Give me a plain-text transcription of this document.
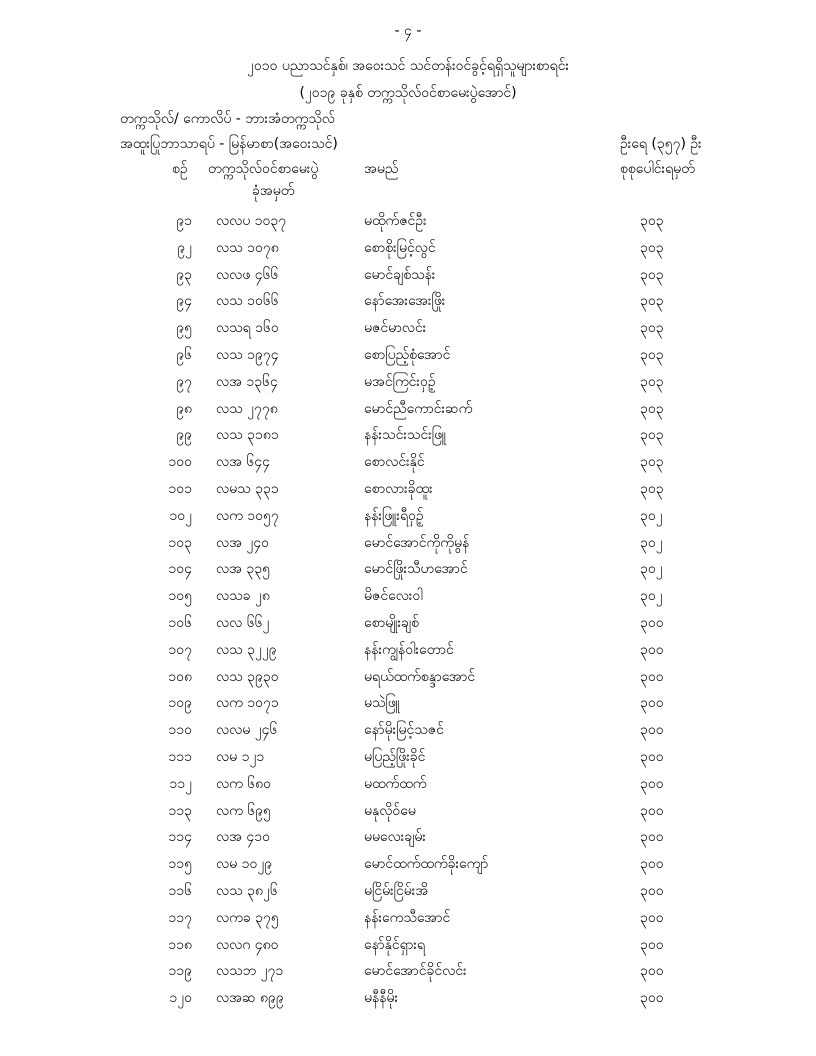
- ၄ -
၂၀၁၀ ပညာသင်နှစ်၊ အဝေးသင် သင်တန်းဝင်ခွင့်ရရှိသူများစာရင်း
(၂၀၁၉ ခုနှစ် တက္ကသိုလ်ဝင်စာမေးပွဲအောင်)
တက္ကသိုလ်/ ကောလိပ် - ဘားအံတက္ကသိုလ်
အထူးပြုဘာသာရပ် - မြန်မာစာ(အဝေးသင်)	ဦးရေ (၃၅၇) ဦး
စဉ် တက္ကသိုလ်ဝင်စာမေးပွဲ
ခုံအမှတ်
အမည်	စုစုပေါင်းရမှတ်
၉၁ လလပ ၁၀၃၇	မထိုက်ဇင်ဦး	၃၀၃
၉၂ လသ ၁၀၇၈	စောစိုးမြင့်လွင်	၃၀၃
၉၃ လလဖ ၄၆၆	မောင်ချစ်သန်း	၃၀၃
၉၄ လသ ၁၀၆၆	နော်အေးအေးဖြိုး	၃၀၃
၉၅ လသရ ၁၆၀	မဇင်မာလင်း	၃၀၃
၉၆ လသ ၁၉၇၄	စောပြည့်စုံအောင်	၃၀၃
၉၇ လအ ၁၃၆၄	မအင်ကြင်းဝှဉ့်	၃၀၃
၉၈ လသ ၂၇၇၈	မောင်ညီကောင်းဆက်	၃၀၃
၉၉ လသ ၃၁၈၁	နန်းသင်းသင်းဖြူ	၃၀၃
၁၀၀ လအ ၆၄၄	စောလင်းနိုင်	၃၀၃
၁၀၁ လမသ ၃၃၁	စောလားခိုထူး	၃၀၃
၁၀၂ လက ၁၀၅၇	နန်းဖြူးရီဝှဉ့်	၃၀၂
၁၀၃ လအ ၂၄၀	မောင်အောင်ကိုကိုမွန်	၃၀၂
၁၀၄ လအ ၃၃၅	မောင်ဖြိုးသီဟအောင်	၃၀၂
၁၀၅ လသခ ၂၈	မိဇင်လေးဝါ	၃၀၂
၁၀၆ လလ ၆၆၂	စောမျိုးချစ်	၃၀၀
၁၀၇ လသ ၃၂၂၉	နန်းကျွန်ဝါးတောင်	၃၀၀
၁၀၈ လသ ၃၉၃၀	မရယ်ထက်စန္ဒာအောင်	၃၀၀
၁၀၉ လက ၁၀၇၁	မသဲဖြူ	၃၀၀
၁၁၀ လလမ ၂၄၆	နော်မိုးမြင့်သဇင်	၃၀၀
၁၁၁ လမ ၁၂၁	မပြည့်ဖြိုးခိုင်	၃၀၀
၁၁၂ လက ၆၈၀	မထက်ထက်	၃၀၀
၁၁၃ လက ၆၉၅	မနုလိုဝ်မေ	၃၀၀
၁၁၄ လအ ၄၁၀	မမလေးချမ်း	၃၀၀
၁၁၅ လမ ၁၀၂၉	မောင်ထက်ထက်ခိုးကျော်	၃၀၀
၁၁၆ လသ ၃၈၂၆	မငြိမ်းငြိမ်းအိ	၃၀၀
၁၁၇ လကခ ၃၇၅	နန်းကေသီအောင်	၃၀၀
၁၁၈ လလဂ ၄၈၀	နော်နိုင်ရှားရ	၃၀၀
၁၁၉ လသဘ ၂၇၁	မောင်အောင်ခိုင်လင်း	၃၀၀
၁၂၀ လအဆ ၈၉၉	မနီနီမိုး	၃၀၀
